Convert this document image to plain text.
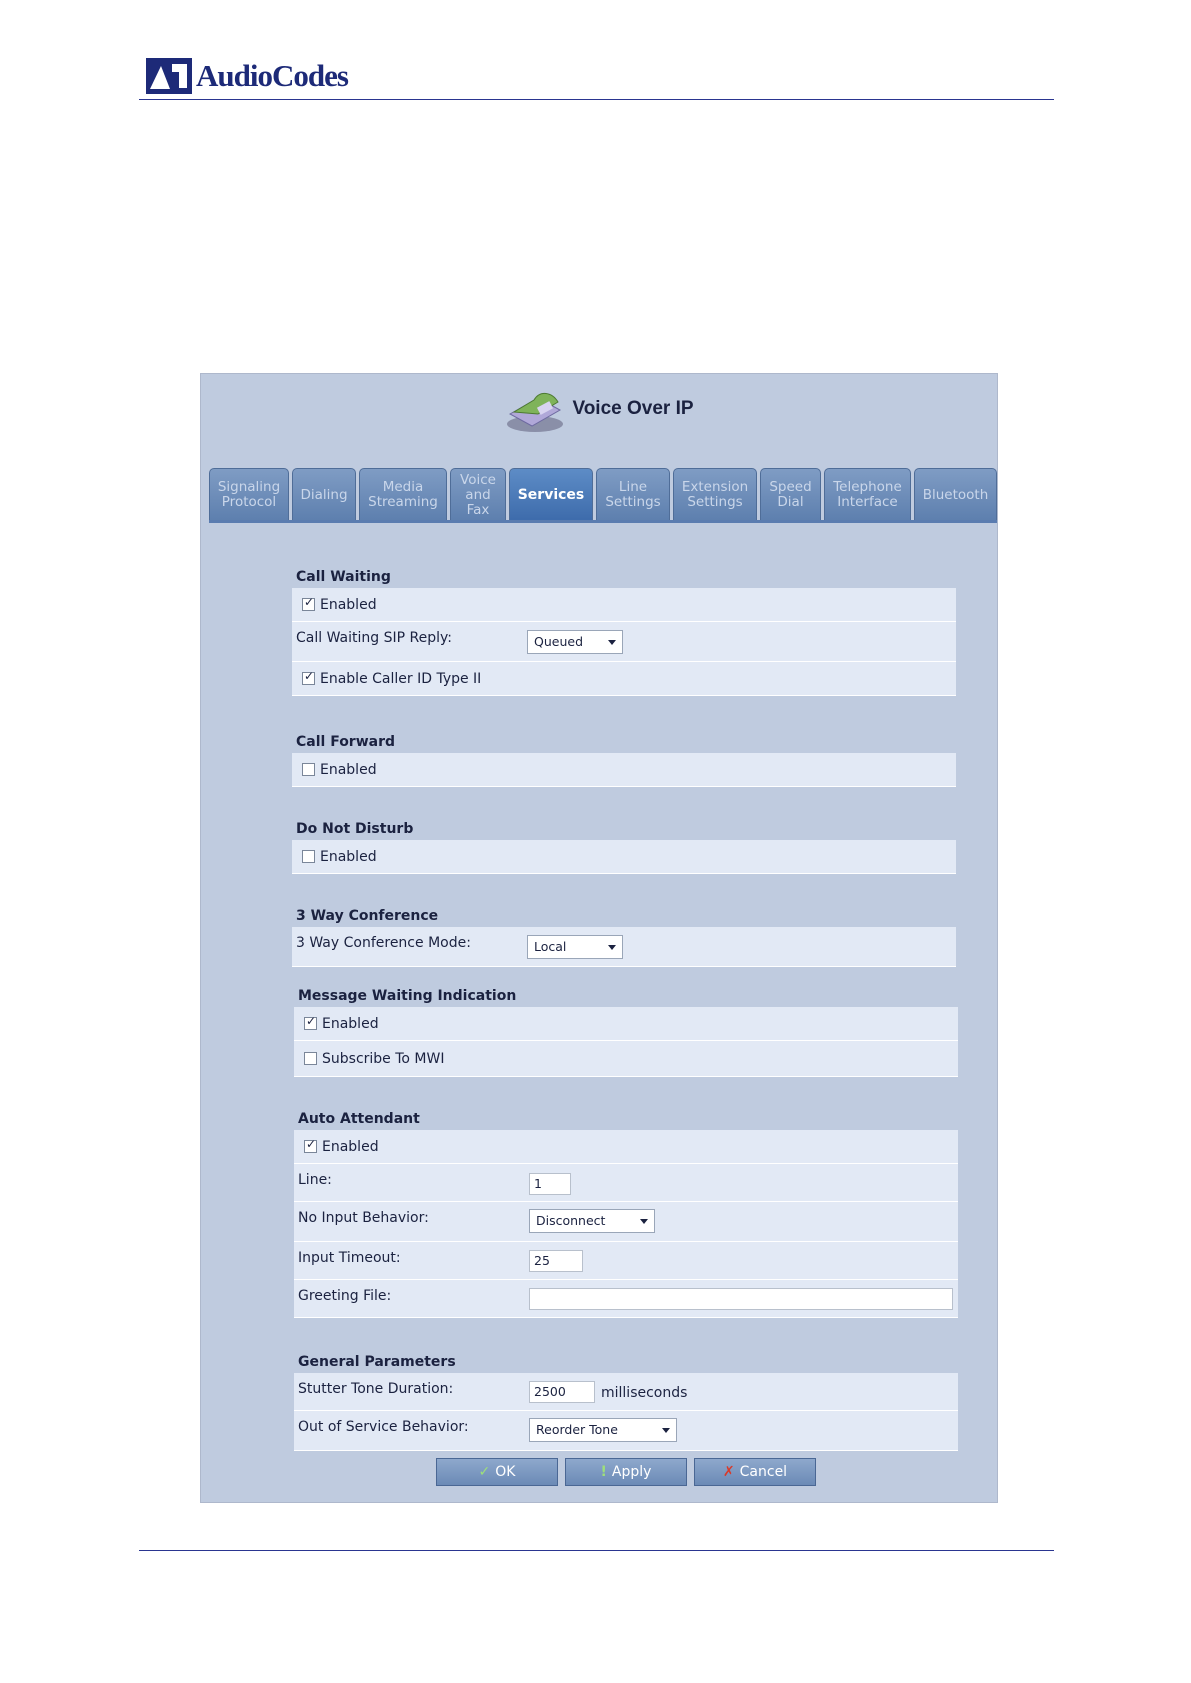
AudioCodes
Voice Over IP
Signaling
Protocol	Dialing	Media
Streaming
Voice
and
Fax
Services	Line
Settings
Extension
Settings
Speed
Dial
Telephone
Interface	Bluetooth
Call Waiting
✓
Enabled
Call Waiting SIP Reply:	Queued
✓
Enable Caller ID Type II
Call Forward
Enabled
Do Not Disturb
Enabled
3 Way Conference
3 Way Conference Mode:	Local
Message Waiting Indication
✓
Enabled
Subscribe To MWI
Auto Attendant
✓
Enabled
Line:	1
No Input Behavior:	Disconnect
Input Timeout:	25
Greeting File:
General Parameters
Stutter Tone Duration:	2500	milliseconds
Out of Service Behavior:	Reorder Tone
✓ OK	! Apply	✗ Cancel
